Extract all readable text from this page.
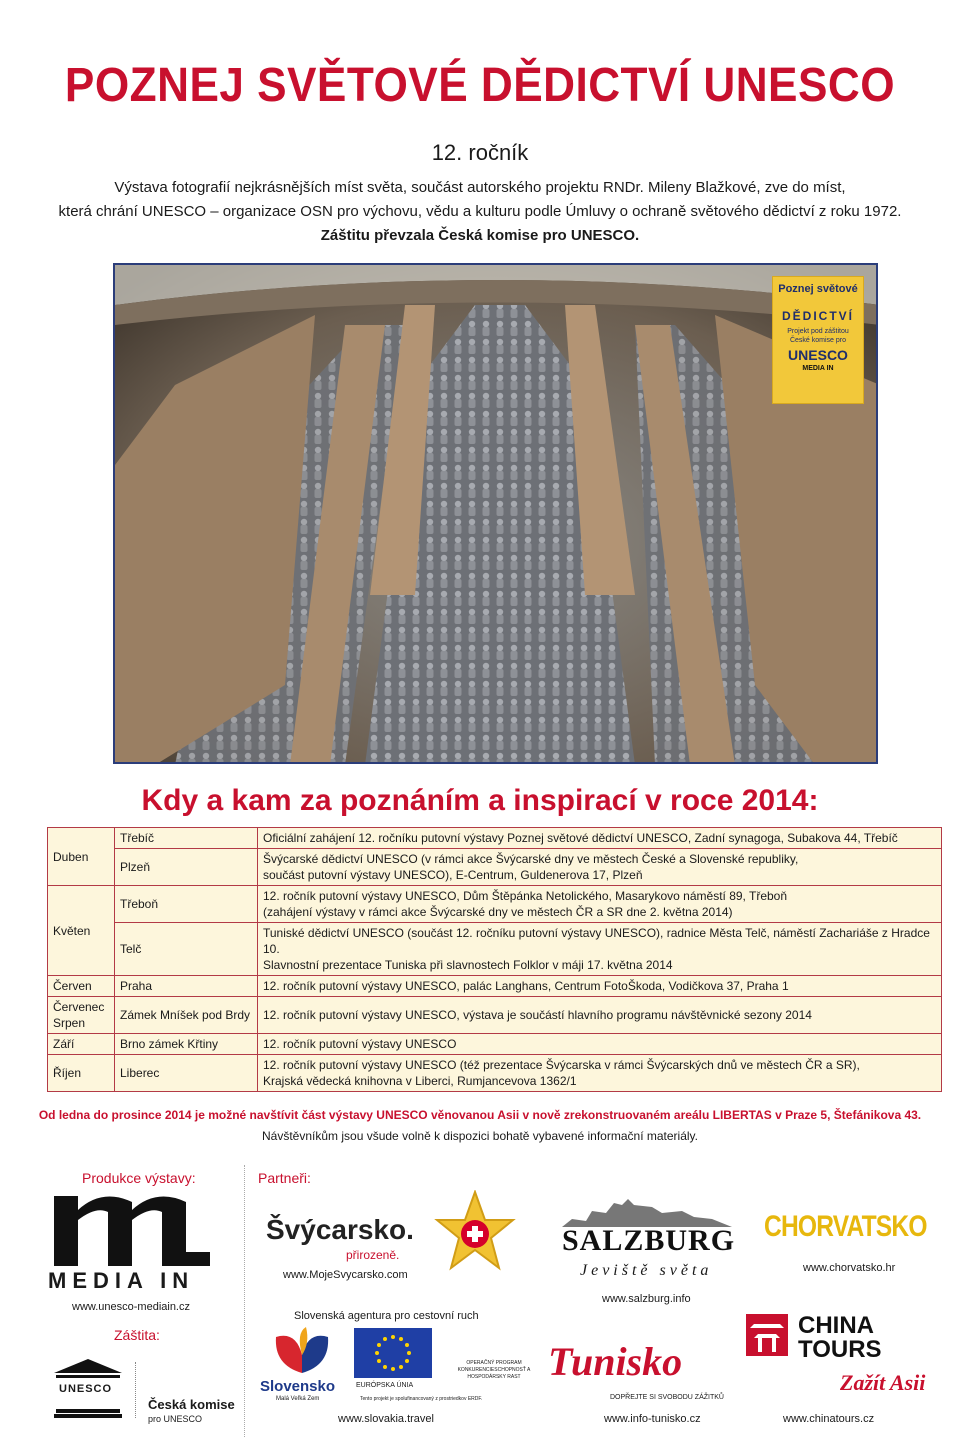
POZNEJ SVĚTOVÉ DĚDICTVÍ UNESCO
12. ročník
Výstava fotografií nejkrásnějších míst světa, součást autorského projektu RNDr. Mileny Blažkové, zve do míst,
která chrání UNESCO – organizace OSN pro výchovu, vědu a kulturu podle Úmluvy o ochraně světového dědictví z roku 1972.
Záštitu převzala Česká komise pro UNESCO.
Poznej světové
DĚDICTVÍ
Projekt pod záštitou České komise pro
UNESCO
MEDIA IN
Kdy a kam za poznáním a inspirací v roce 2014:
Duben	Třebíč	Oficiální zahájení 12. ročníku putovní výstavy Poznej světové dědictví UNESCO, Zadní synagoga, Subakova 44, Třebíč
	Plzeň	Švýcarské dědictví UNESCO (v rámci akce Švýcarské dny ve městech České a Slovenské republiky,
součást putovní výstavy UNESCO), E-Centrum, Guldenerova 17, Plzeň

Květen	Třeboň	12. ročník putovní výstavy UNESCO, Dům Štěpánka Netolického, Masarykovo náměstí 89, Třeboň
(zahájení výstavy v rámci akce Švýcarské dny ve městech ČR a SR dne 2. května 2014)

	Telč	Tuniské dědictví UNESCO (součást 12. ročníku putovní výstavy UNESCO), radnice Města Telč, náměstí Zachariáše z Hradce 10.
Slavnostní prezentace Tuniska při slavnostech Folklor v máji 17. května 2014

Červen	Praha	12. ročník putovní výstavy UNESCO, palác Langhans, Centrum FotoŠkoda, Vodičkova 37, Praha 1

Červenec
Srpen	Zámek Mníšek pod Brdy	12. ročník putovní výstavy UNESCO, výstava je součástí hlavního programu návštěvnické sezony 2014
Září	Brno zámek Křtiny	12. ročník putovní výstavy UNESCO
Říjen	Liberec	12. ročník putovní výstavy UNESCO (též prezentace Švýcarska v rámci Švýcarských dnů ve městech ČR a SR),
Krajská vědecká knihovna v Liberci, Rumjancevova 1362/1
Od ledna do prosince 2014 je možné navštívit část výstavy UNESCO věnovanou Asii v nově zrekonstruovaném areálu LIBERTAS v Praze 5, Štefánikova 43.
Návštěvníkům jsou všude volně k dispozici bohatě vybavené informační materiály.
Produkce výstavy:
MEDIA IN
www.unesco-mediain.cz
Záštita:
UNESCO
Česká komise
pro UNESCO
Partneři:
Švýcarsko.
přirozeně.
www.MojeSvycarsko.com
SALZBURG
Jeviště světa
www.salzburg.info
CHORVATSKO
www.chorvatsko.hr
Slovenská agentura pro cestovní ruch
Slovensko
Malá Veľká Zem
EURÓPSKA ÚNIA
OPERAČNÝ PROGRAM KONKURENCIESCHOPNOSŤ A HOSPODÁRSKY RAST
Tento projekt je spolufinancovaný z prostriedkov ERDF.
www.slovakia.travel
Tunisko
DOPŘEJTE SI SVOBODU ZÁŽITKŮ
www.info-tunisko.cz
CHINA
TOURS
Zažít Asii
www.chinatours.cz
